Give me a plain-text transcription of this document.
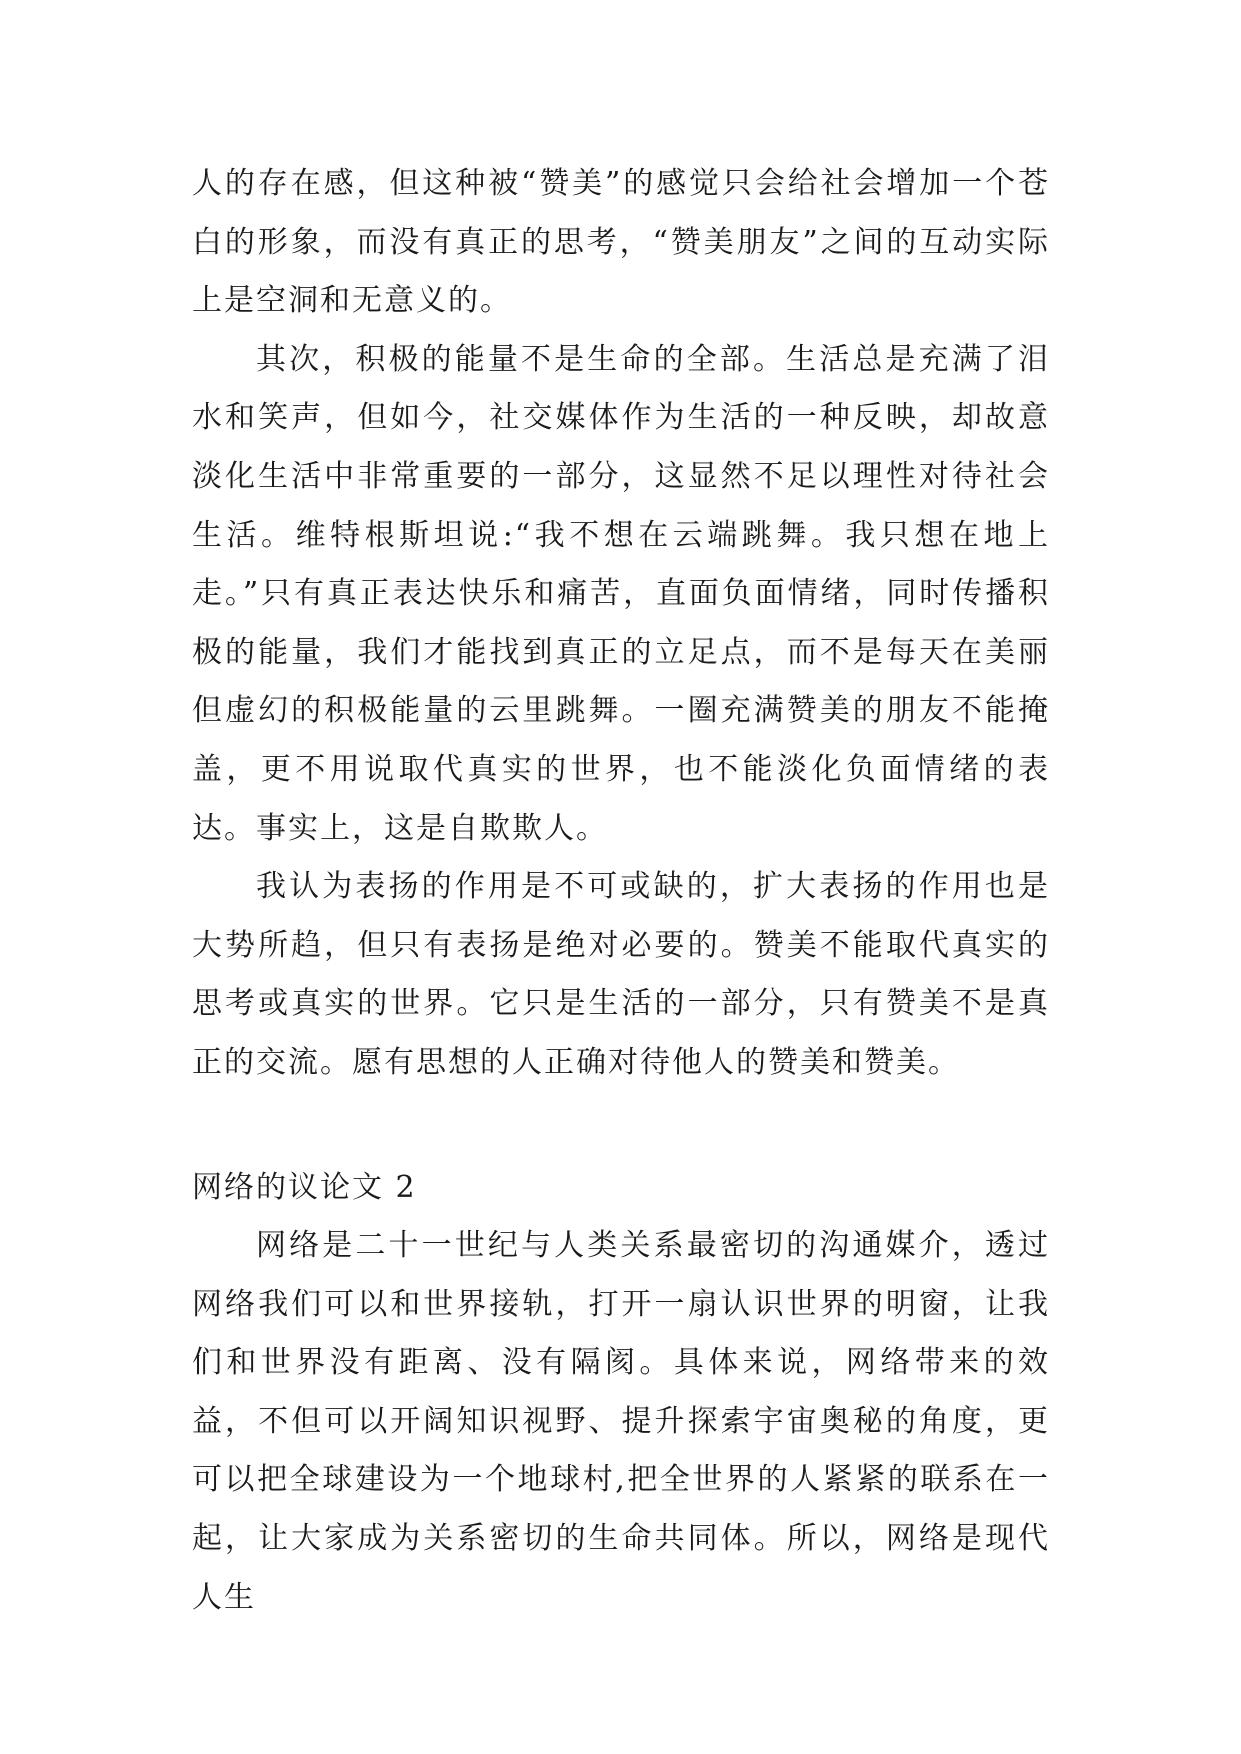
人的存在感，但这种被“赞美”的感觉只会给社会增加一个苍白的形象，而没有真正的思考，“赞美朋友”之间的互动实际上是空洞和无意义的。

其次，积极的能量不是生命的全部。生活总是充满了泪水和笑声，但如今，社交媒体作为生活的一种反映，却故意淡化生活中非常重要的一部分，这显然不足以理性对待社会生活。维特根斯坦说:“我不想在云端跳舞。我只想在地上走。”只有真正表达快乐和痛苦，直面负面情绪，同时传播积极的能量，我们才能找到真正的立足点，而不是每天在美丽但虚幻的积极能量的云里跳舞。一圈充满赞美的朋友不能掩盖，更不用说取代真实的世界，也不能淡化负面情绪的表达。事实上，这是自欺欺人。

我认为表扬的作用是不可或缺的，扩大表扬的作用也是大势所趋，但只有表扬是绝对必要的。赞美不能取代真实的思考或真实的世界。它只是生活的一部分，只有赞美不是真正的交流。愿有思想的人正确对待他人的赞美和赞美。

网络的议论文 2

网络是二十一世纪与人类关系最密切的沟通媒介，透过网络我们可以和世界接轨，打开一扇认识世界的明窗，让我们和世界没有距离、没有隔阂。具体来说，网络带来的效益，不但可以开阔知识视野、提升探索宇宙奥秘的角度，更可以把全球建设为一个地球村,把全世界的人紧紧的联系在一起，让大家成为关系密切的生命共同体。所以，网络是现代人生
